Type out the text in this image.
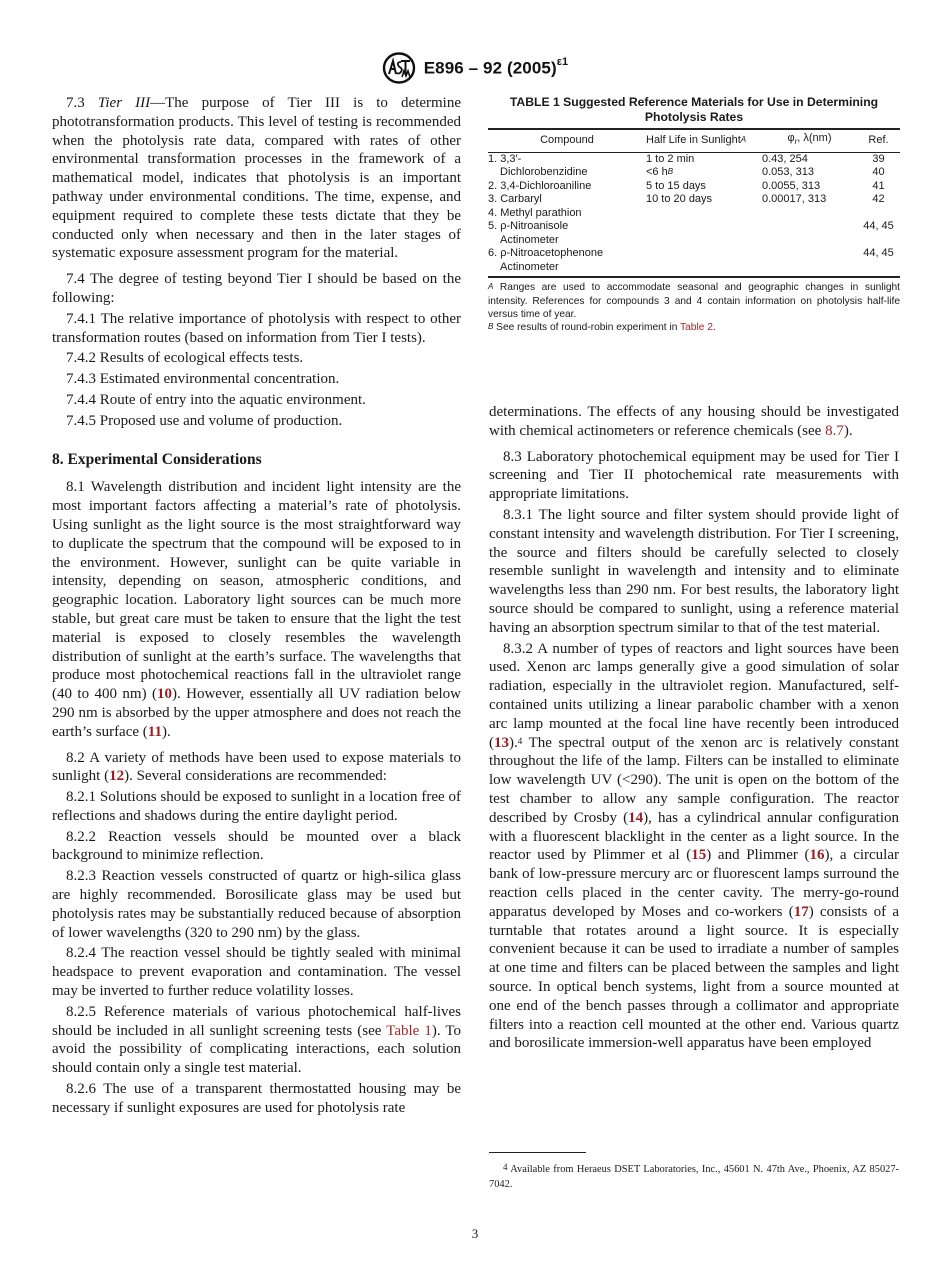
E896 – 92 $(2005)^{\varepsilon 1}$

7.3 Tier III—The purpose of Tier III is to determine phototransformation products. This level of testing is recommended when the photolysis rate data, compared with rates of other environmental transformation processes in the framework of a mathematical model, indicates that photolysis is an important pathway under environmental conditions. The time, expense, and equipment required to complete these tests dictate that they be conducted only when necessary and then in the later stages of systematic exposure assessment program for the material.

7.4 The degree of testing beyond Tier I should be based on the following:

7.4.1 The relative importance of photolysis with respect to other transformation routes (based on information from Tier I tests).

7.4.2 Results of ecological effects tests.

7.4.3 Estimated environmental concentration.

7.4.4 Route of entry into the aquatic environment.

7.4.5 Proposed use and volume of production.

8. Experimental Considerations

8.1 Wavelength distribution and incident light intensity are the most important factors affecting a material’s rate of photolysis. Using sunlight as the light source is the most straightforward way to duplicate the spectrum that the compound will be exposed to in the environment. However, sunlight can be quite variable in intensity, depending on season, atmospheric conditions, and geographic location. Laboratory light sources can be much more stable, but great care must be taken to ensure that the light the test material is exposed to closely resembles the wavelength distribution of sunlight at the earth’s surface. The wavelengths that produce most photochemical reactions fall in the ultraviolet range (40 to 400 nm) (10). However, essentially all UV radiation below 290 nm is absorbed by the upper atmosphere and does not reach the earth’s surface (11).

8.2 A variety of methods have been used to expose materials to sunlight (12). Several considerations are recommended:

8.2.1 Solutions should be exposed to sunlight in a location free of reflections and shadows during the entire daylight period.

8.2.2 Reaction vessels should be mounted over a black background to minimize reflection.

8.2.3 Reaction vessels constructed of quartz or high-silica glass are highly recommended. Borosilicate glass may be used but photolysis rates may be substantially reduced because of absorption of lower wavelengths (320 to 290 nm) by the glass.

8.2.4 The reaction vessel should be tightly sealed with minimal headspace to prevent evaporation and contamination. The vessel may be inverted to further reduce volatility losses.

8.2.5 Reference materials of various photochemical half-lives should be included in all sunlight screening tests (see Table 1). To avoid the possibility of complicating interactions, each solution should contain only a single test material.

8.2.6 The use of a transparent thermostatted housing may be necessary if sunlight exposures are used for photolysis rate

TABLE 1 Suggested Reference Materials for Use in Determining Photolysis Rates
Compound	Half Life in Sunlight$^A$	$\varphi_r$, λ(nm)	Ref.
1. 3,3′-	1 to 2 min	0.43, 254	39
Dichlorobenzidine	<6 $h^B$	0.053, 313	40
2. 3,4-Dichloroaniline	5 to 15 days	0.0055, 313	41
3. Carbaryl	10 to 20 days	0.00017, 313	42
4. Methyl parathion			
5. ρ-Nitroanisole			44, 45
Actinometer			
6. ρ-Nitroacetophenone			44, 45
Actinometer			

$^A$ Ranges are used to accommodate seasonal and geographic changes in sunlight intensity. References for compounds 3 and 4 contain information on photolysis half-life versus time of year.

$^B$ See results of round-robin experiment in Table 2.

determinations. The effects of any housing should be investigated with chemical actinometers or reference chemicals (see 8.7).

8.3 Laboratory photochemical equipment may be used for Tier I screening and Tier II photochemical rate measurements with appropriate limitations.

8.3.1 The light source and filter system should provide light of constant intensity and wavelength distribution. For Tier I screening, the source and filters should be carefully selected to closely resemble sunlight in wavelength and intensity and to eliminate wavelengths less than 290 nm. For best results, the laboratory light source should be compared to sunlight, using a reference material having an absorption spectrum similar to that of the test material.

8.3.2 A number of types of reactors and light sources have been used. Xenon arc lamps generally give a good simulation of solar radiation, especially in the ultraviolet region. Manufactured, self-contained units utilizing a linear parabolic chamber with a xenon arc lamp mounted at the focal line have recently been introduced (13).$^4$ The spectral output of the xenon arc is relatively constant throughout the life of the lamp. Filters can be installed to eliminate low wavelength UV (<290). The unit is open on the bottom of the test chamber to allow any sample configuration. The reactor described by Crosby (14), has a cylindrical annular configuration with a fluorescent blacklight in the center as a light source. In the reactor used by Plimmer et al (15) and Plimmer (16), a circular bank of low-pressure mercury arc or fluorescent lamps surround the reaction cells placed in the center cavity. The merry-go-round apparatus developed by Moses and co-workers (17) consists of a turntable that rotates around a light source. It is especially convenient because it can be used to irradiate a number of samples at one time and filters can be placed between the samples and light source. In optical bench systems, light from a source mounted at one end of the bench passes through a collimator and appropriate filters into a reaction cell mounted at the other end. Various quartz and borosilicate immersion-well apparatus have been employed

$^4$ Available from Heraeus DSET Laboratories, Inc., 45601 N. 47th Ave., Phoenix, AZ 85027-7042.

3
